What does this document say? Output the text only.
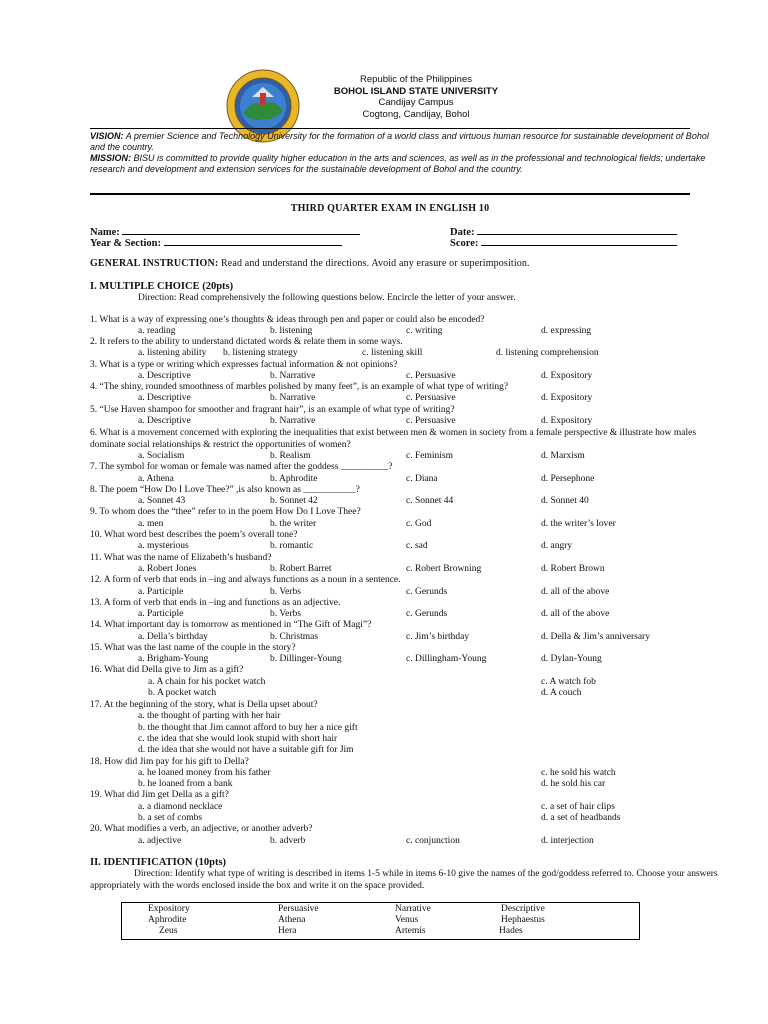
Republic of the Philippines
BOHOL ISLAND STATE UNIVERSITY
Candijay Campus
Cogtong, Candijay, Bohol
VISION: A premier Science and Technology University for the formation of a world class and virtuous human resource for sustainable development of Bohol and the country.
MISSION: BISU is committed to provide quality higher education in the arts and sciences, as well as in the professional and technological fields; undertake research and development and extension services for the sustainable development of Bohol and the country.
THIRD QUARTER EXAM IN ENGLISH 10
Name:	Date:
Year & Section:	Score:
GENERAL INSTRUCTION: Read and understand the directions. Avoid any erasure or superimposition.
I. MULTIPLE CHOICE (20pts)
Direction: Read comprehensively the following questions below. Encircle the letter of your answer.
1. What is a way of expressing one’s thoughts & ideas through pen and paper or could also be encoded?
a. reading	b. listening	c. writing	d. expressing
2. It refers to the ability to understand dictated words & relate them in some ways.
a. listening ability b. listening strategy	c. listening skill	d. listening comprehension
3. What is a type or writing which expresses factual information & not opinions?
a. Descriptive	b. Narrative	c. Persuasive	d. Expository
4. “The shiny, rounded smoothness of marbles polished by many feet”, is an example of what type of writing?
a. Descriptive	b. Narrative	c. Persuasive	d. Expository
5. “Use Haven shampoo for smoother and fragrant hair”, is an example of what type of writing?
a. Descriptive	b. Narrative	c. Persuasive	d. Expository
6. What is a movement concerned with exploring the inequalities that exist between men & women in society from a female perspective & illustrate how males dominate social relationships & restrict the opportunities of women?
a. Socialism	b. Realism	c. Feminism	d. Marxism
7. The symbol for woman or female was named after the goddess __________?
a. Athena	b. Aphrodite	c. Diana	d. Persephone
8. The poem “How Do I Love Thee?” ,is also known as ___________?
a. Sonnet 43	b. Sonnet 42	c. Sonnet 44	d. Sonnet 40
9. To whom does the “thee” refer to in the poem How Do I Love Thee?
a. men	b. the writer	c. God	d. the writer’s lover
10. What word best describes the poem’s overall tone?
a. mysterious	b. romantic	c. sad	d. angry
11. What was the name of Elizabeth’s husband?
a. Robert Jones	b. Robert Barret	c. Robert Browning	d. Robert Brown
12. A form of verb that ends in –ing and always functions as a noun in a sentence.
a. Participle	b. Verbs	c. Gerunds	d. all of the above
13. A form of verb that ends in –ing and functions as an adjective.
a. Participle	b. Verbs	c. Gerunds	d. all of the above
14. What important day is tomorrow as mentioned in “The Gift of Magi”?
a. Della’s birthday	b. Christmas	c. Jim’s birthday	d. Della & Jim’s anniversary
15. What was the last name of the couple in the story?
a. Brigham-Young	b. Dillinger-Young	c. Dillingham-Young	d. Dylan-Young
16. What did Della give to Jim as a gift?
a. A chain for his pocket watch	c. A watch fob
b. A pocket watch	d. A couch
17. At the beginning of the story, what is Della upset about?
a. the thought of parting with her hair
b. the thought that Jim cannot afford to buy her a nice gift
c. the idea that she would look stupid with short hair
d. the idea that she would not have a suitable gift for Jim
18. How did Jim pay for his gift to Della?
a. he loaned money from his father	c. he sold his watch
b. he loaned from a bank	d. he sold his car
19. What did Jim get Della as a gift?
a. a diamond necklace	c. a set of hair clips
b. a set of combs	d. a set of headbands
20. What modifies a verb, an adjective, or another adverb?
a. adjective	b. adverb	c. conjunction	d. interjection
II. IDENTIFICATION (10pts)
Direction: Identify what type of writing is described in items 1-5 while in items 6-10 give the names of the god/goddess referred to. Choose your answers appropriately with the words enclosed inside the box and write it on the space provided.
Expository	Persuasive	Narrative	Descriptive
Aphrodite	Athena	Venus	Hephaestus
Zeus	Hera	Artemis	Hades
